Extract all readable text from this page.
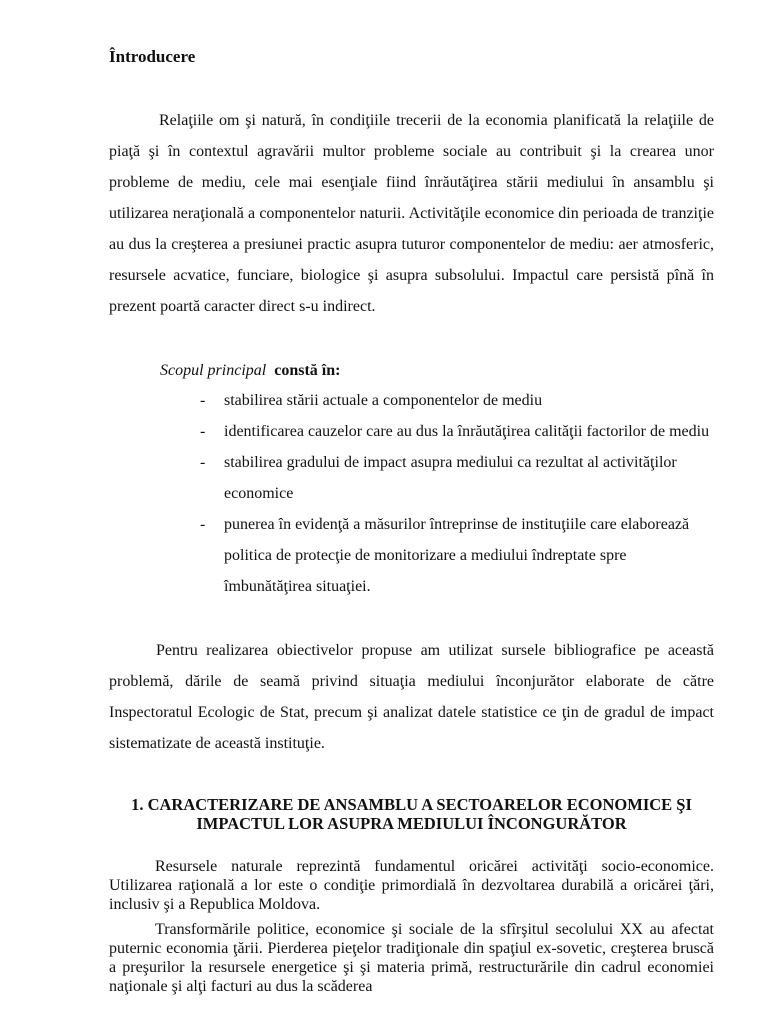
Întroducere

Relaţiile om şi natură, în condiţiile trecerii de la economia planificată la relaţiile de piaţă şi în contextul agravării multor probleme sociale au contribuit şi la crearea unor probleme de mediu, cele mai esenţiale fiind înrăutăţirea stării mediului în ansamblu şi utilizarea neraţională a componentelor naturii. Activităţile economice din perioada de tranziţie au dus la creşterea a presiunei practic asupra tuturor componentelor de mediu: aer atmosferic, resursele acvatice, funciare, biologice şi asupra subsolului. Impactul care persistă pînă în prezent poartă caracter direct s-u indirect.

Scopul principal constă în:

- stabilirea stării actuale a componentelor de mediu
- identificarea cauzelor care au dus la înrăutăţirea calităţii factorilor de mediu
- stabilirea gradului de impact asupra mediului ca rezultat al activităţilor economice
- punerea în evidenţă a măsurilor întreprinse de instituţiile care elaborează politica de protecţie de monitorizare a mediului îndreptate spre îmbunătăţirea situaţiei.

Pentru realizarea obiectivelor propuse am utilizat sursele bibliografice pe această problemă, dările de seamă privind situaţia mediului înconjurător elaborate de către Inspectoratul Ecologic de Stat, precum şi analizat datele statistice ce ţin de gradul de impact sistematizate de această instituţie.

1. CARACTERIZARE DE ANSAMBLU A SECTOARELOR ECONOMICE ŞI IMPACTUL LOR ASUPRA MEDIULUI ÎNCONGURĂTOR

Resursele naturale reprezintă fundamentul oricărei activităţi socio-economice. Utilizarea raţională a lor este o condiţie primordială în dezvoltarea durabilă a oricărei ţări, inclusiv şi a Republica Moldova.

Transformările politice, economice şi sociale de la sfîrşitul secolului XX au afectat puternic economia ţării. Pierderea pieţelor tradiţionale din spaţiul ex-sovetic, creşterea bruscă a preşurilor la resursele energetice şi şi materia primă, restructurările din cadrul economiei naţionale şi alţi facturi au dus la scăderea
